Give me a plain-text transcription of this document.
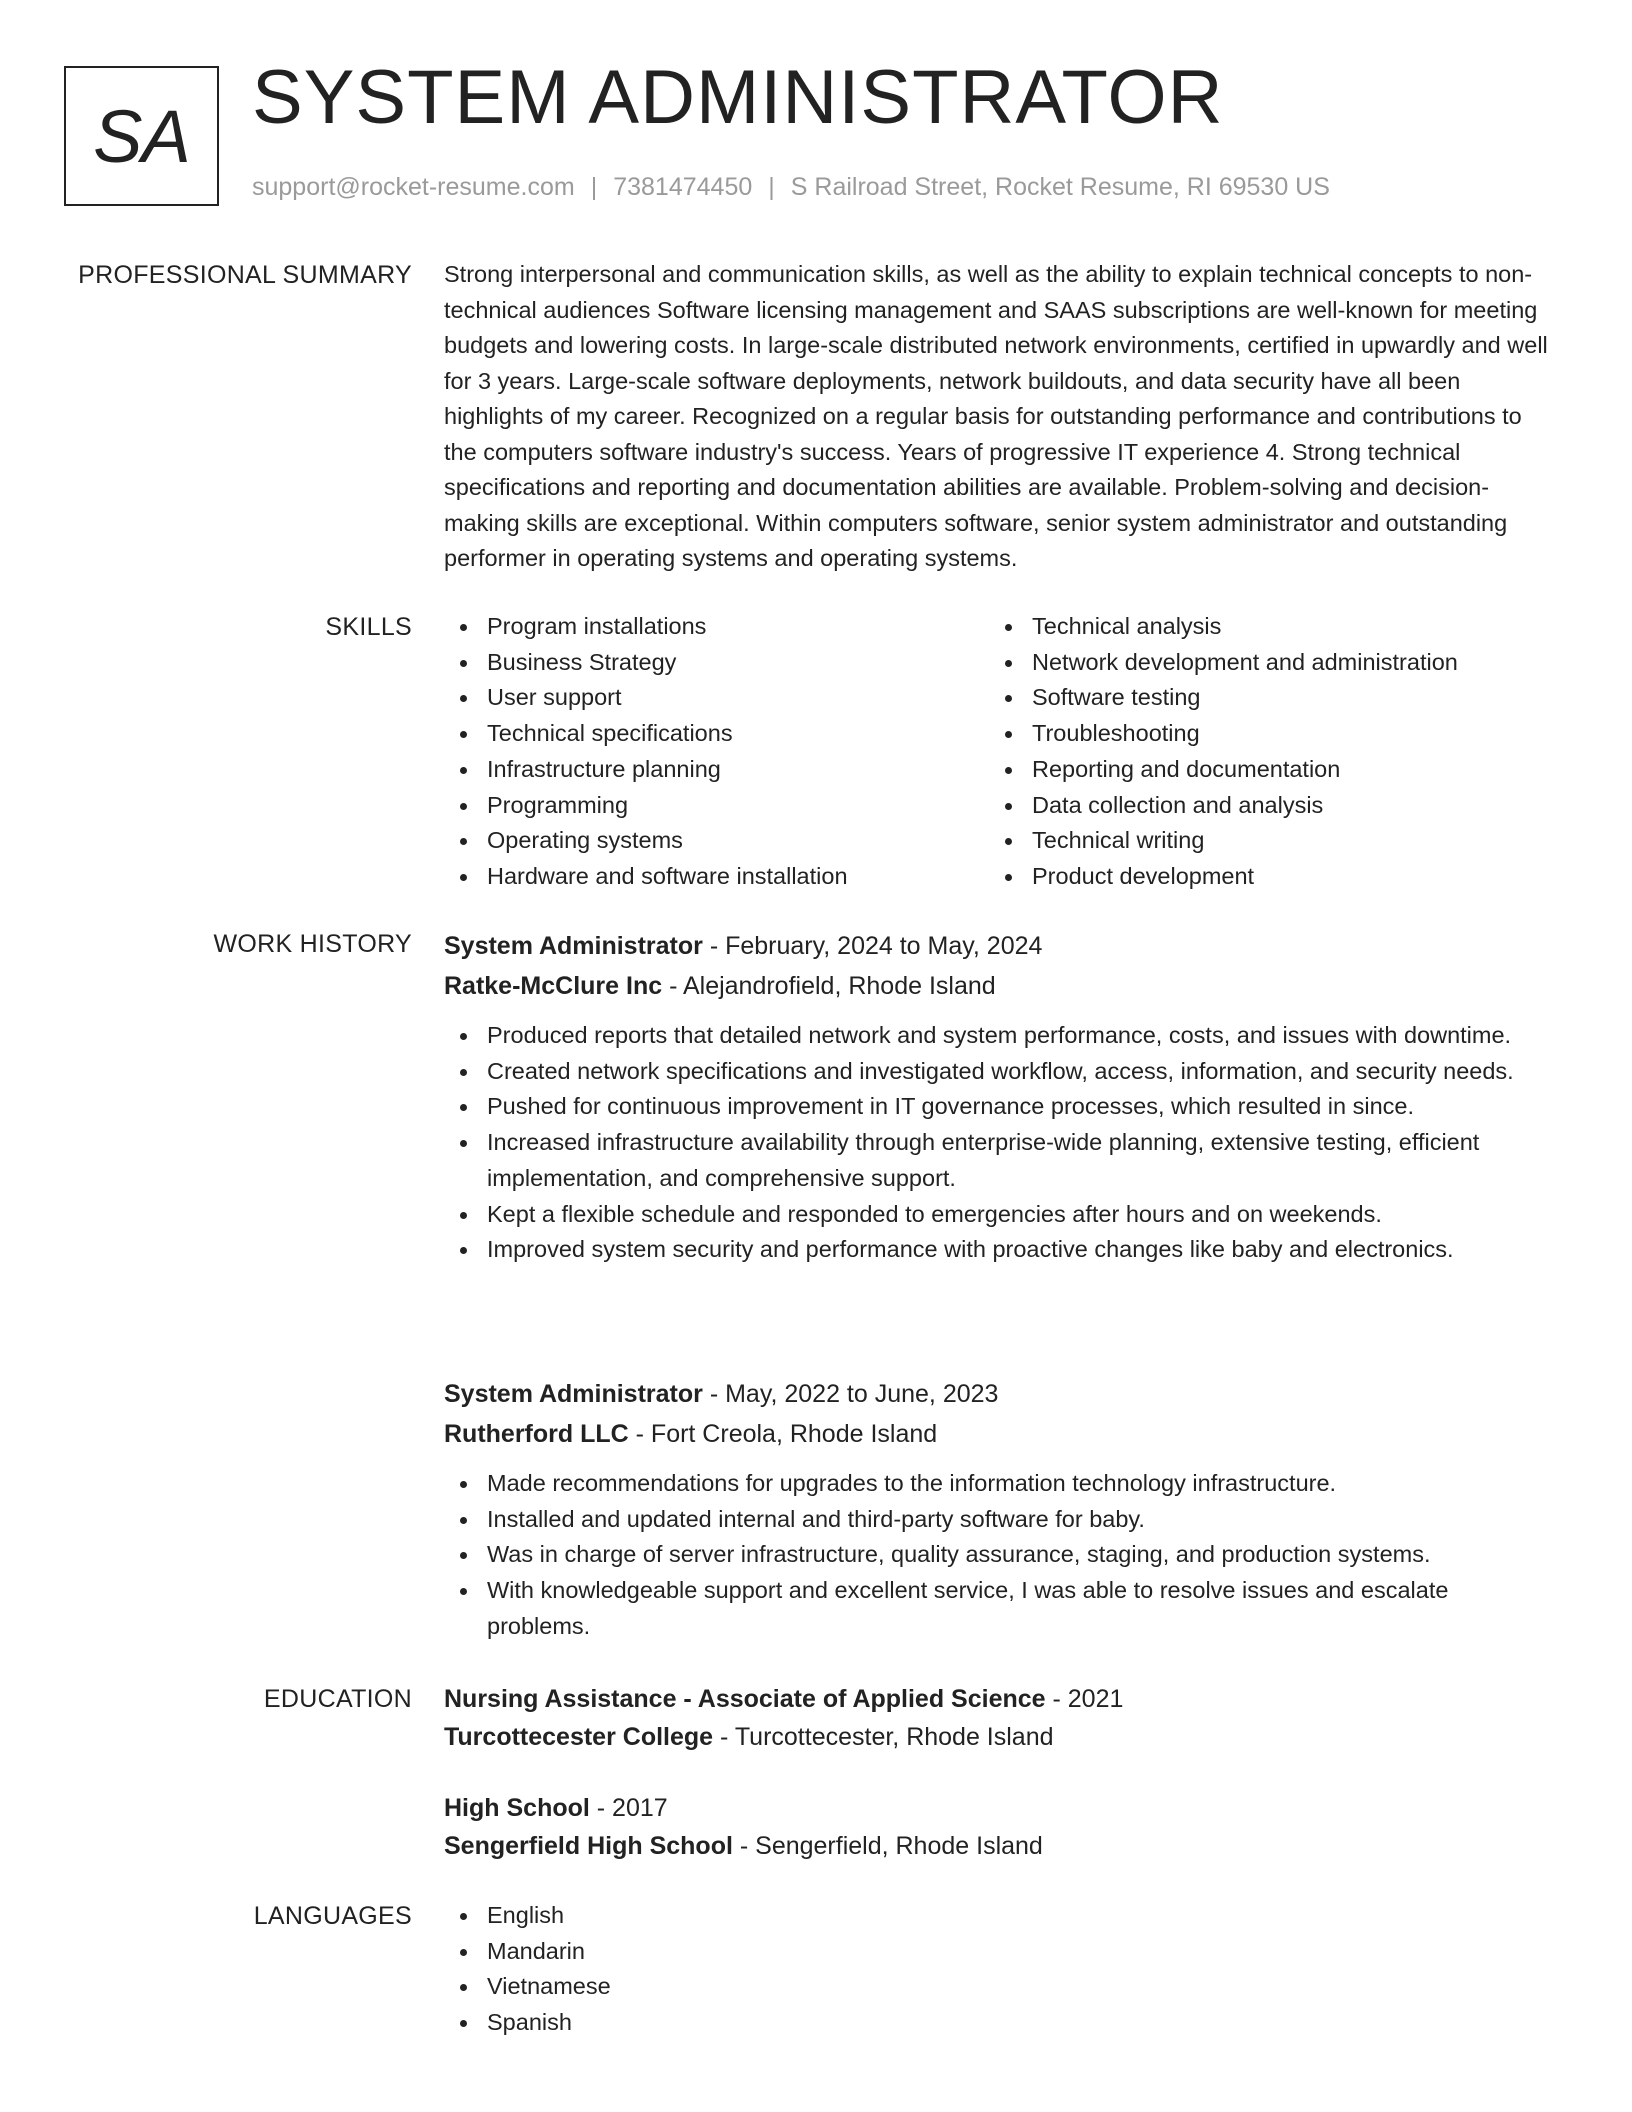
SA SYSTEM ADMINISTRATOR
support@rocket-resume.com | 7381474450 | S Railroad Street, Rocket Resume, RI 69530 US
PROFESSIONAL SUMMARY Strong interpersonal and communication skills, as well as the ability to explain technical concepts to non-technical audiences Software licensing management and SAAS subscriptions are well-known for meeting budgets and lowering costs. In large-scale distributed network environments, certified in upwardly and well for 3 years. Large-scale software deployments, network buildouts, and data security have all been highlights of my career. Recognized on a regular basis for outstanding performance and contributions to the computers software industry's success. Years of progressive IT experience 4. Strong technical specifications and reporting and documentation abilities are available. Problem-solving and decision-making skills are exceptional. Within computers software, senior system administrator and outstanding performer in operating systems and operating systems.

SKILLS	Program installations
Business Strategy
User support
Technical specifications
Infrastructure planning
Programming
Operating systems
Hardware and software installation
Technical analysis
Network development and administration
Software testing
Troubleshooting
Reporting and documentation
Data collection and analysis
Technical writing
Product development
WORK HISTORY System Administrator - February, 2024 to May, 2024
Ratke-McClure Inc - Alejandrofield, Rhode Island
Produced reports that detailed network and system performance, costs, and issues with downtime.
Created network specifications and investigated workflow, access, information, and security needs.
Pushed for continuous improvement in IT governance processes, which resulted in since.
Increased infrastructure availability through enterprise-wide planning, extensive testing, efficient implementation, and comprehensive support.
Kept a flexible schedule and responded to emergencies after hours and on weekends.
Improved system security and performance with proactive changes like baby and electronics.
System Administrator - May, 2022 to June, 2023
Rutherford LLC - Fort Creola, Rhode Island
Made recommendations for upgrades to the information technology infrastructure.
Installed and updated internal and third-party software for baby.
Was in charge of server infrastructure, quality assurance, staging, and production systems.
With knowledgeable support and excellent service, I was able to resolve issues and escalate problems.
EDUCATION Nursing Assistance - Associate of Applied Science - 2021
Turcottecester College - Turcottecester, Rhode Island
High School - 2017
Sengerfield High School - Sengerfield, Rhode Island
LANGUAGES	English
Mandarin
Vietnamese
Spanish
